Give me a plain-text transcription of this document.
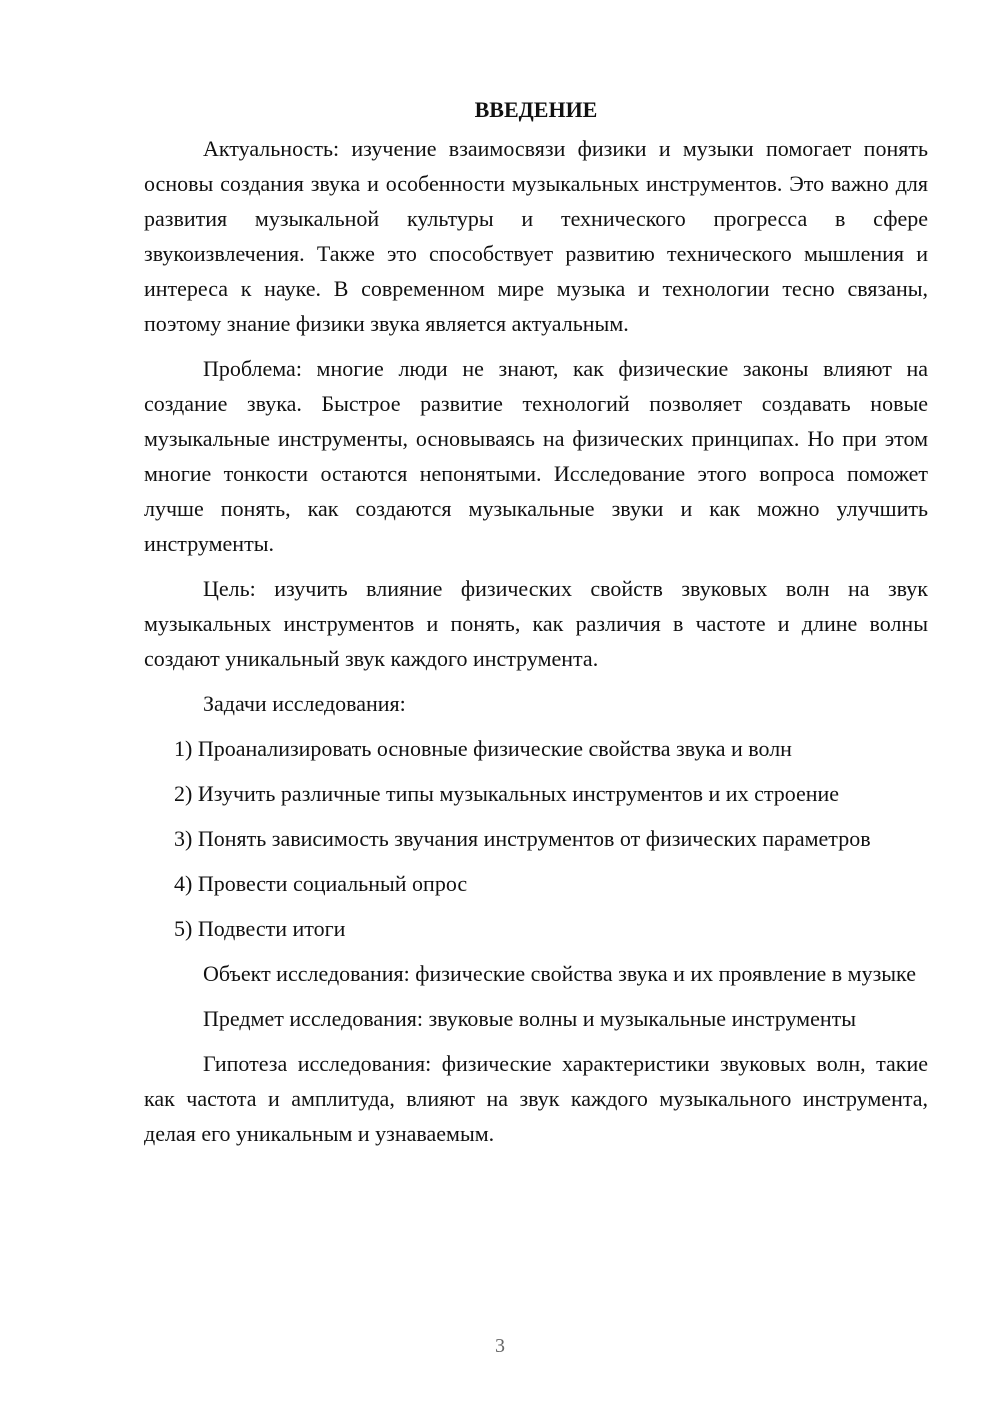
ВВЕДЕНИЕ
Актуальность: изучение взаимосвязи физики и музыки помогает понять основы создания звука и особенности музыкальных инструментов. Это важно для развития музыкальной культуры и технического прогресса в сфере звукоизвлечения. Также это способствует развитию технического мышления и интереса к науке. В современном мире музыка и технологии тесно связаны, поэтому знание физики звука является актуальным.
Проблема: многие люди не знают, как физические законы влияют на создание звука. Быстрое развитие технологий позволяет создавать новые музыкальные инструменты, основываясь на физических принципах. Но при этом многие тонкости остаются непонятыми. Исследование этого вопроса поможет лучше понять, как создаются музыкальные звуки и как можно улучшить инструменты.
Цель: изучить влияние физических свойств звуковых волн на звук музыкальных инструментов и понять, как различия в частоте и длине волны создают уникальный звук каждого инструмента.
Задачи исследования:
1) Проанализировать основные физические свойства звука и волн
2) Изучить различные типы музыкальных инструментов и их строение
3) Понять зависимость звучания инструментов от физических параметров
4) Провести социальный опрос
5) Подвести итоги
Объект исследования: физические свойства звука и их проявление в музыке
Предмет исследования: звуковые волны и музыкальные инструменты
Гипотеза исследования: физические характеристики звуковых волн, такие как частота и амплитуда, влияют на звук каждого музыкального инструмента, делая его уникальным и узнаваемым.
3
